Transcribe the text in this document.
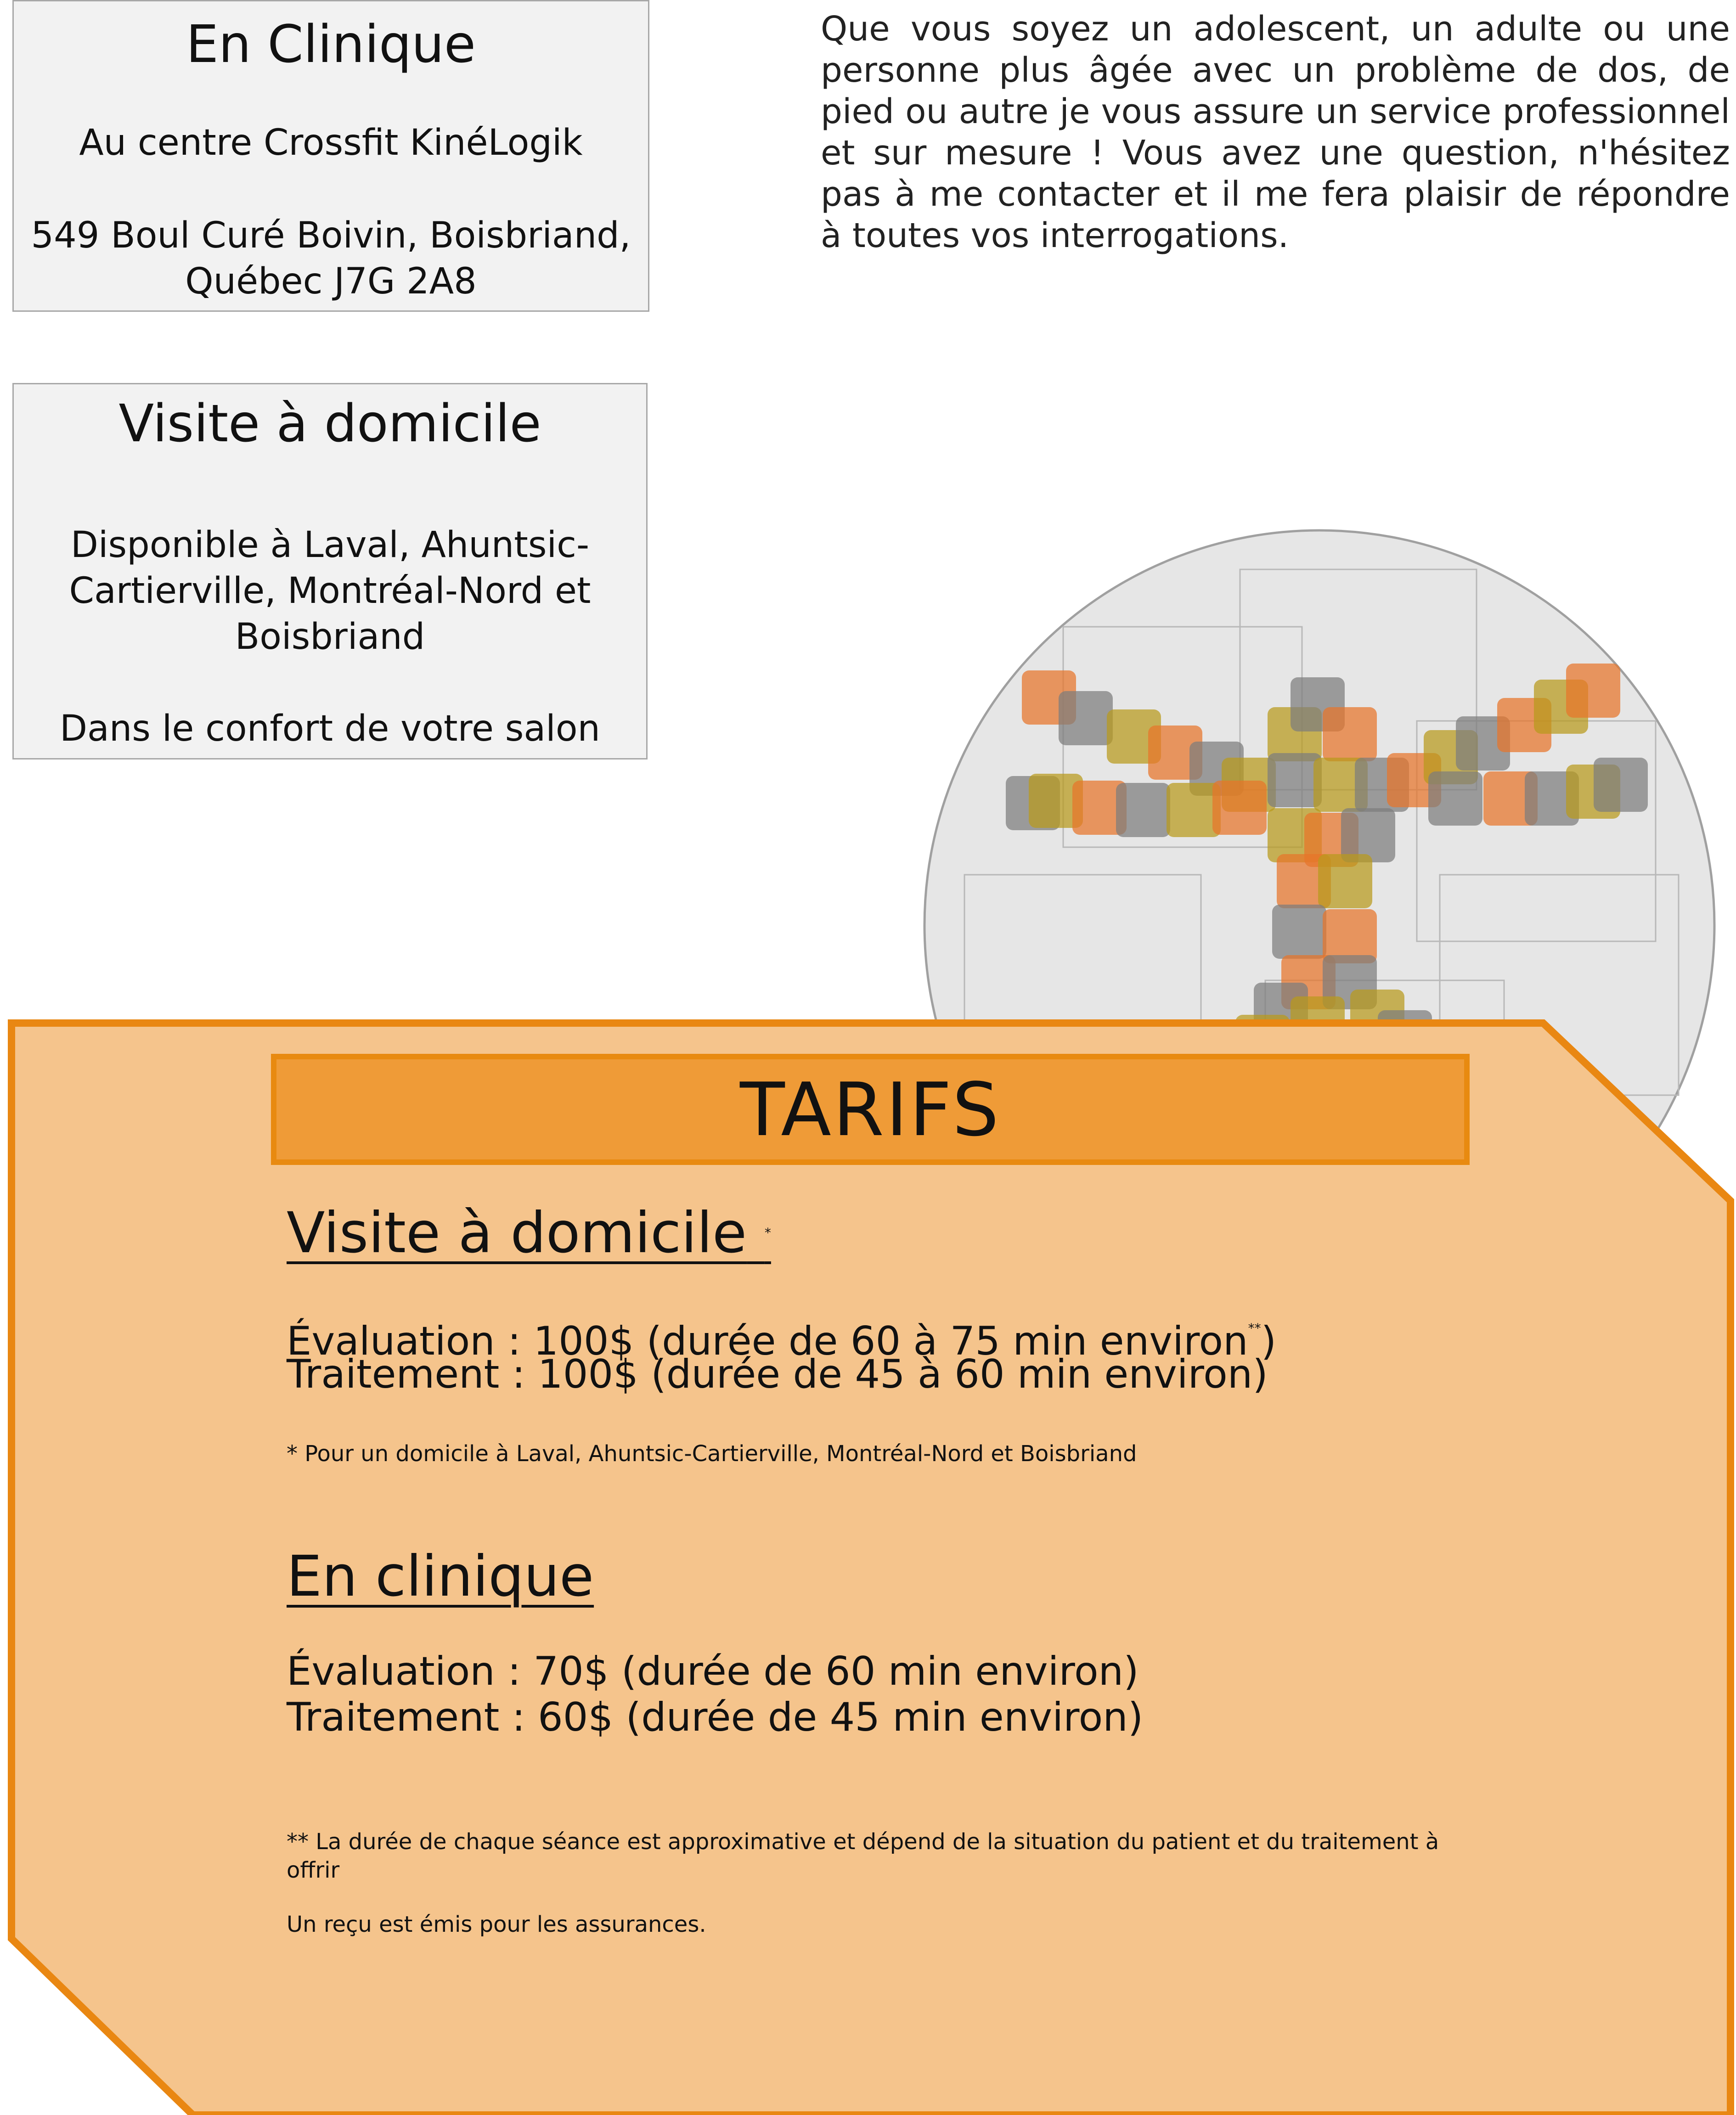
En Clinique
Au centre Crossfit KinéLogik
549 Boul Curé Boivin, Boisbriand, Québec J7G 2A8
Visite à domicile
Disponible à Laval, Ahuntsic-Cartierville, Montréal-Nord et Boisbriand
Dans le confort de votre salon

Que vous soyez un adolescent, un adulte ou une personne plus âgée avec un problème de dos, de pied ou autre je vous assure un service professionnel et sur mesure ! Vous avez une question, n'hésitez pas à me contacter et il me fera plaisir de répondre à toutes vos interrogations.

TARIFS
Visite à domicile *
Évaluation : 100$ (durée de 60 à 75 min environ**)
Traitement : 100$ (durée de 45 à 60 min environ)
* Pour un domicile à Laval, Ahuntsic-Cartierville, Montréal-Nord et Boisbriand
En clinique
Évaluation : 70$ (durée de 60 min environ)
Traitement : 60$ (durée de 45 min environ)
** La durée de chaque séance est approximative et dépend de la situation du patient et du traitement à offrir
Un reçu est émis pour les assurances.
